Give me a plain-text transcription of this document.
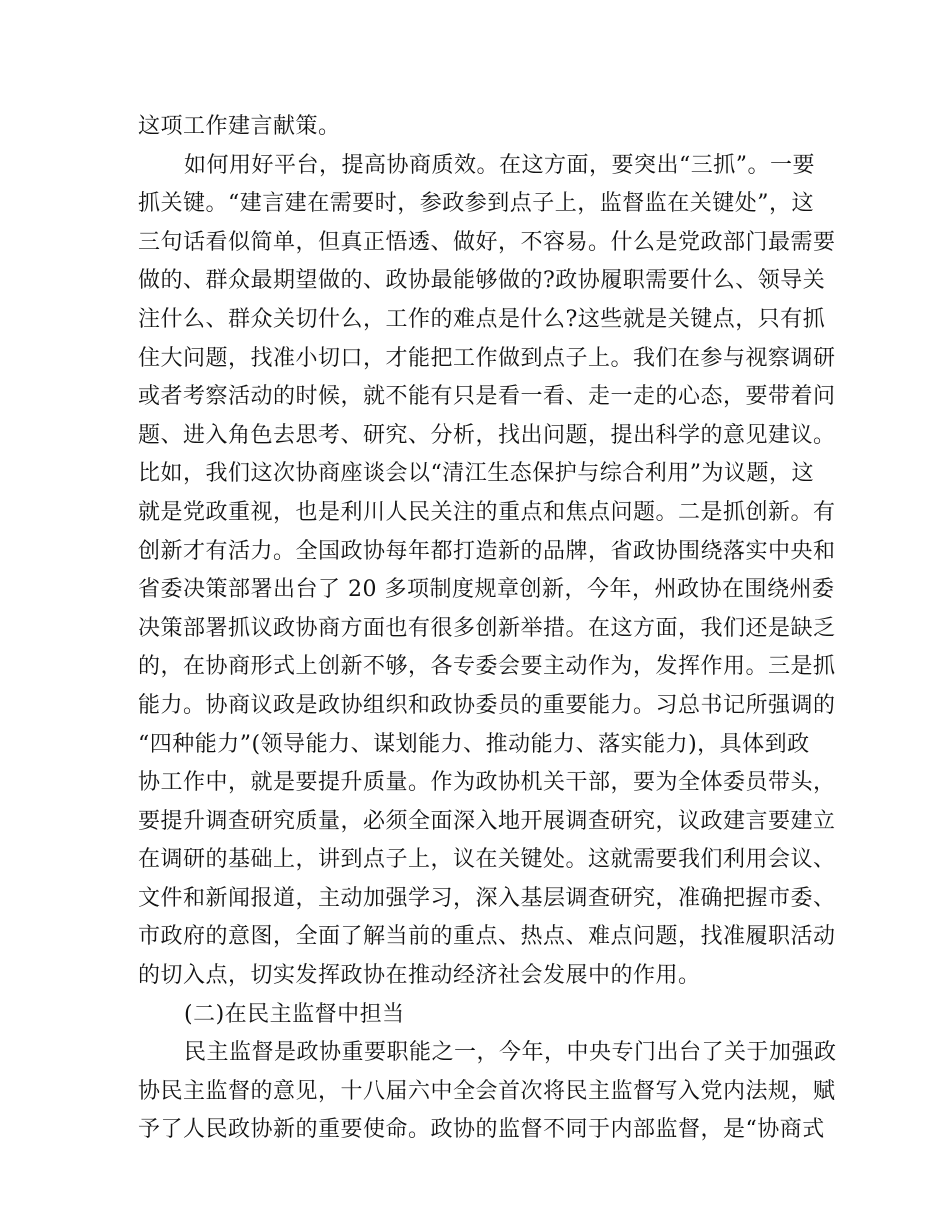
这项工作建言献策。
如何用好平台，提高协商质效。在这方面，要突出“三抓”。一要
抓关键。“建言建在需要时，参政参到点子上，监督监在关键处”，这
三句话看似简单，但真正悟透、做好，不容易。什么是党政部门最需要
做的、群众最期望做的、政协最能够做的?政协履职需要什么、领导关
注什么、群众关切什么，工作的难点是什么?这些就是关键点，只有抓
住大问题，找准小切口，才能把工作做到点子上。我们在参与视察调研
或者考察活动的时候，就不能有只是看一看、走一走的心态，要带着问
题、进入角色去思考、研究、分析，找出问题，提出科学的意见建议。
比如，我们这次协商座谈会以“清江生态保护与综合利用”为议题，这
就是党政重视，也是利川人民关注的重点和焦点问题。二是抓创新。有
创新才有活力。全国政协每年都打造新的品牌，省政协围绕落实中央和
省委决策部署出台了 20 多项制度规章创新，今年，州政协在围绕州委
决策部署抓议政协商方面也有很多创新举措。在这方面，我们还是缺乏
的，在协商形式上创新不够，各专委会要主动作为，发挥作用。三是抓
能力。协商议政是政协组织和政协委员的重要能力。习总书记所强调的
“四种能力”(领导能力、谋划能力、推动能力、落实能力)，具体到政
协工作中，就是要提升质量。作为政协机关干部，要为全体委员带头，
要提升调查研究质量，必须全面深入地开展调查研究，议政建言要建立
在调研的基础上，讲到点子上，议在关键处。这就需要我们利用会议、
文件和新闻报道，主动加强学习，深入基层调查研究，准确把握市委、
市政府的意图，全面了解当前的重点、热点、难点问题，找准履职活动
的切入点，切实发挥政协在推动经济社会发展中的作用。
(二)在民主监督中担当
民主监督是政协重要职能之一，今年，中央专门出台了关于加强政
协民主监督的意见，十八届六中全会首次将民主监督写入党内法规，赋
予了人民政协新的重要使命。政协的监督不同于内部监督，是“协商式
